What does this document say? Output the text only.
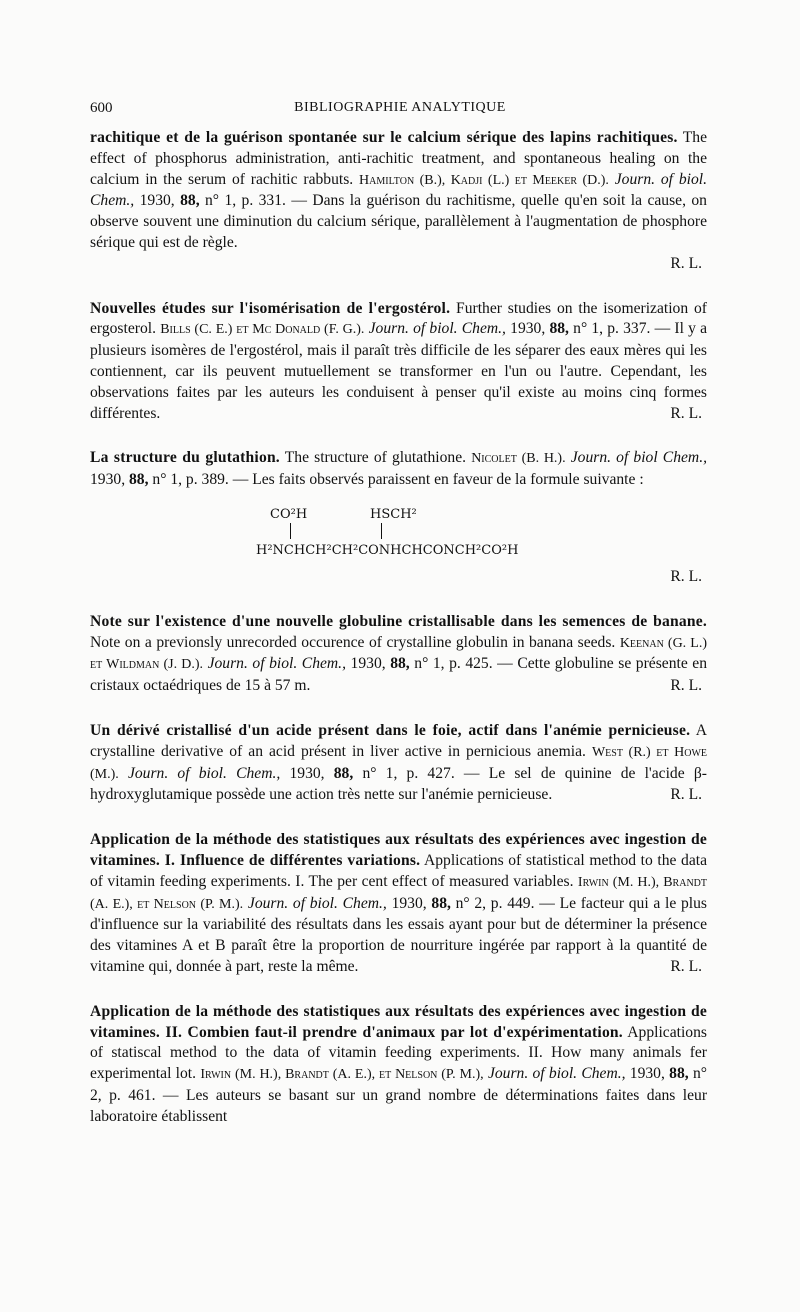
600	BIBLIOGRAPHIE ANALYTIQUE

rachitique et de la guérison spontanée sur le calcium sérique des lapins rachitiques. The effect of phosphorus administration, anti-rachitic treatment, and spontaneous healing on the calcium in the serum of rachitic rabbuts. Hamilton (B.), Kadji (L.) et Meeker (D.). Journ. of biol. Chem., 1930, 88, n° 1, p. 331. — Dans la guérison du rachitisme, quelle qu'en soit la cause, on observe souvent une diminution du calcium sérique, parallèlement à l'augmentation de phosphore sérique qui est de règle.

R. L.

Nouvelles études sur l'isomérisation de l'ergostérol. Further studies on the isomerization of ergosterol. Bills (C. E.) et Mc Donald (F. G.). Journ. of biol. Chem., 1930, 88, n° 1, p. 337. — Il y a plusieurs isomères de l'ergostérol, mais il paraît très difficile de les séparer des eaux mères qui les contiennent, car ils peuvent mutuellement se transformer en l'un ou l'autre. Cependant, les observations faites par les auteurs les conduisent à penser qu'il existe au moins cinq formes différentes.	R. L.

La structure du glutathion. The structure of glutathione. Nicolet (B. H.). Journ. of biol Chem., 1930, 88, n° 1, p. 389. — Les faits observés paraissent en faveur de la formule suivante :

CO²H	HSCH²
H²NCHCH²CH²CONHCHCONCH²CO²H
R. L.

Note sur l'existence d'une nouvelle globuline cristallisable dans les semences de banane. Note on a previonsly unrecorded occurence of crystalline globulin in banana seeds. Keenan (G. L.) et Wildman (J. D.). Journ. of biol. Chem., 1930, 88, n° 1, p. 425. — Cette globuline se présente en cristaux octaédriques de 15 à 57 m.	R. L.

Un dérivé cristallisé d'un acide présent dans le foie, actif dans l'anémie pernicieuse. A crystalline derivative of an acid présent in liver active in pernicious anemia. West (R.) et Howe (M.). Journ. of biol. Chem., 1930, 88, n° 1, p. 427. — Le sel de quinine de l'acide β-hydroxyglutamique possède une action très nette sur l'anémie pernicieuse.	R. L.

Application de la méthode des statistiques aux résultats des expériences avec ingestion de vitamines. I. Influence de différentes variations. Applications of statistical method to the data of vitamin feeding experiments. I. The per cent effect of measured variables. Irwin (M. H.), Brandt (A. E.), et Nelson (P. M.). Journ. of biol. Chem., 1930, 88, n° 2, p. 449. — Le facteur qui a le plus d'influence sur la variabilité des résultats dans les essais ayant pour but de déterminer la présence des vitamines A et B paraît être la proportion de nourriture ingérée par rapport à la quantité de vitamine qui, donnée à part, reste la même.	R. L.

Application de la méthode des statistiques aux résultats des expériences avec ingestion de vitamines. II. Combien faut-il prendre d'animaux par lot d'expérimentation. Applications of statiscal method to the data of vitamin feeding experiments. II. How many animals fer experimental lot. Irwin (M. H.), Brandt (A. E.), et Nelson (P. M.), Journ. of biol. Chem., 1930, 88, n° 2, p. 461. — Les auteurs se basant sur un grand nombre de déterminations faites dans leur laboratoire établissent
